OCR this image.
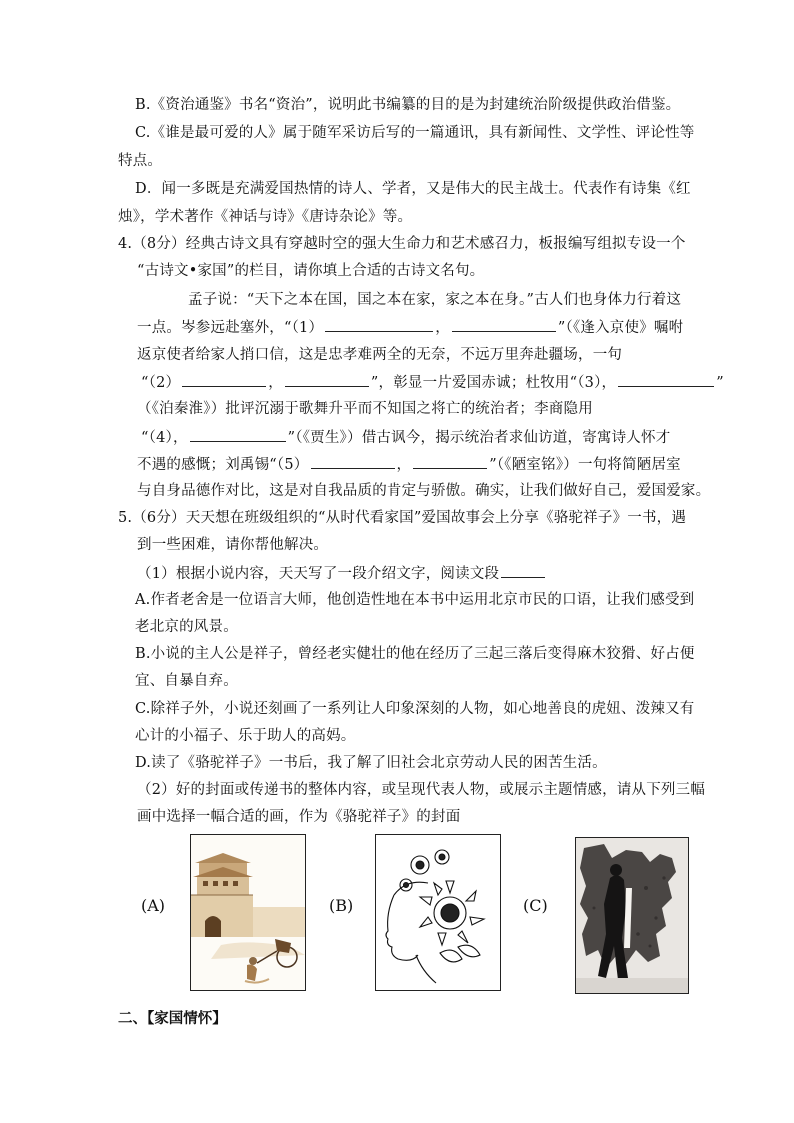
B.《资治通鉴》书名“资治”，说明此书编纂的目的是为封建统治阶级提供政治借鉴。
C.《谁是最可爱的人》属于随军采访后写的一篇通讯，具有新闻性、文学性、评论性等
特点。
D．闻一多既是充满爱国热情的诗人、学者，又是伟大的民主战士。代表作有诗集《红
烛》，学术著作《神话与诗》《唐诗杂论》等。
4.（8分）经典古诗文具有穿越时空的强大生命力和艺术感召力，板报编写组拟专设一个
“古诗文•家国”的栏目，请你填上合适的古诗文名句。
孟子说：“天下之本在国，国之本在家，家之本在身。”古人们也身体力行着这
一点。岑参远赴塞外，“（1）	，	”（《逢入京使》嘱咐
返京使者给家人捎口信，这是忠孝难两全的无奈，不远万里奔赴疆场，一句
“（2）	，	”，彰显一片爱国赤诚；杜牧用“（3），	”
（《泊秦淮》）批评沉溺于歌舞升平而不知国之将亡的统治者；李商隐用
“（4），	”（《贾生》）借古讽今，揭示统治者求仙访道，寄寓诗人怀才
不遇的感慨；刘禹锡“（5）	，	”（《陋室铭》）一句将简陋居室
与自身品德作对比，这是对自我品质的肯定与骄傲。确实，让我们做好自己，爱国爱家。
5.（6分）天天想在班级组织的“从时代看家国”爱国故事会上分享《骆驼祥子》一书，遇
到一些困难，请你帮他解决。
（1）根据小说内容，天天写了一段介绍文字，阅读文段
A.作者老舍是一位语言大师，他创造性地在本书中运用北京市民的口语，让我们感受到
老北京的风景。
B.小说的主人公是祥子，曾经老实健壮的他在经历了三起三落后变得麻木狡猾、好占便
宜、自暴自弃。
C.除祥子外，小说还刻画了一系列让人印象深刻的人物，如心地善良的虎妞、泼辣又有
心计的小福子、乐于助人的高妈。
D.读了《骆驼祥子》一书后，我了解了旧社会北京劳动人民的困苦生活。
（2）好的封面或传递书的整体内容，或呈现代表人物，或展示主题情感，请从下列三幅
画中选择一幅合适的画，作为《骆驼祥子》的封面
(A)	(B)	(C)
二、【家国情怀】
